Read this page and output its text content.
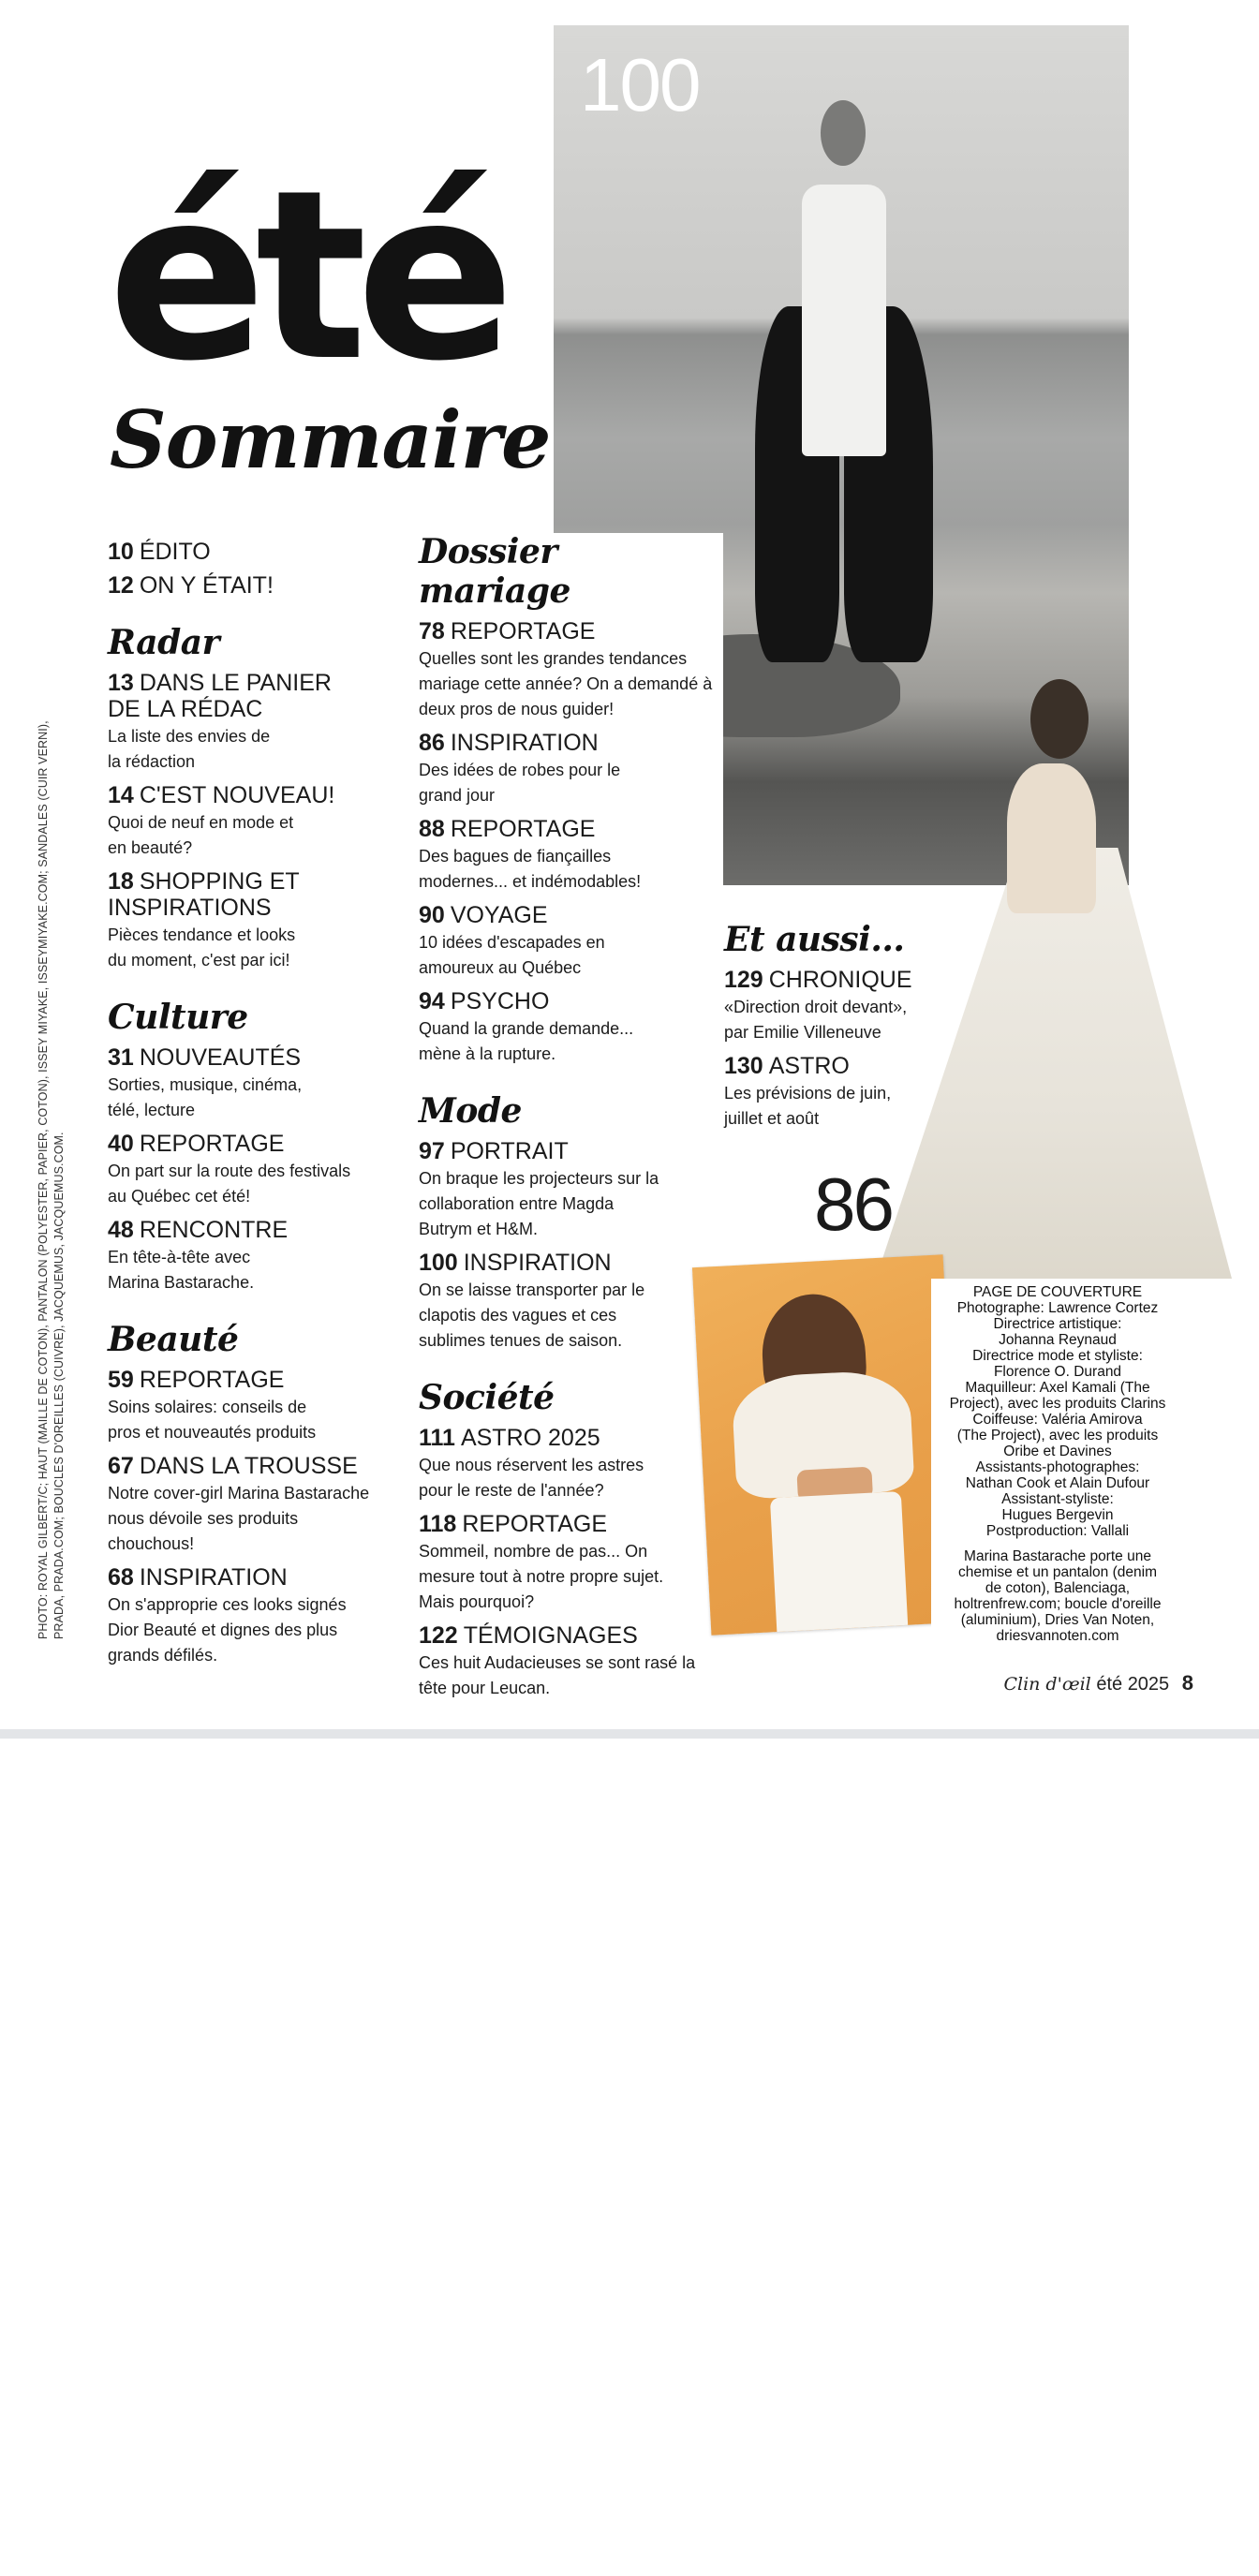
100
86
été
Sommaire
10 ÉDITO
12 ON Y ÉTAIT!
Radar
13 DANS LE PANIER DE LA RÉDAC
La liste des envies de la rédaction
14 C'EST NOUVEAU!
Quoi de neuf en mode et en beauté?
18 SHOPPING ET INSPIRATIONS
Pièces tendance et looks du moment, c'est par ici!
Culture
31 NOUVEAUTÉS
Sorties, musique, cinéma, télé, lecture
40 REPORTAGE
On part sur la route des festivals au Québec cet été!
48 RENCONTRE
En tête-à-tête avec Marina Bastarache.
Beauté
59 REPORTAGE
Soins solaires: conseils de pros et nouveautés produits
67 DANS LA TROUSSE
Notre cover-girl Marina Bastarache nous dévoile ses produits chouchous!
68 INSPIRATION
On s'approprie ces looks signés Dior Beauté et dignes des plus grands défilés.
Dossier mariage
78 REPORTAGE
Quelles sont les grandes tendances mariage cette année? On a demandé à deux pros de nous guider!
86 INSPIRATION
Des idées de robes pour le grand jour
88 REPORTAGE
Des bagues de fiançailles modernes... et indémodables!
90 VOYAGE
10 idées d'escapades en amoureux au Québec
94 PSYCHO
Quand la grande demande... mène à la rupture.
Mode
97 PORTRAIT
On braque les projecteurs sur la collaboration entre Magda Butrym et H&M.
100 INSPIRATION
On se laisse transporter par le clapotis des vagues et ces sublimes tenues de saison.
Société
111 ASTRO 2025
Que nous réservent les astres pour le reste de l'année?
118 REPORTAGE
Sommeil, nombre de pas... On mesure tout à notre propre sujet. Mais pourquoi?
122 TÉMOIGNAGES
Ces huit Audacieuses se sont rasé la tête pour Leucan.
Et aussi...
129 CHRONIQUE
«Direction droit devant», par Emilie Villeneuve
130 ASTRO
Les prévisions de juin, juillet et août

PAGE DE COUVERTURE

Photographe: Lawrence Cortez

Directrice artistique:

Johanna Reynaud

Directrice mode et styliste:

Florence O. Durand

Maquilleur: Axel Kamali (The

Project), avec les produits Clarins

Coiffeuse: Valéria Amirova

(The Project), avec les produits

Oribe et Davines

Assistants-photographes:

Nathan Cook et Alain Dufour

Assistant-styliste:

Hugues Bergevin

Postproduction: Vallali

Marina Bastarache porte une

chemise et un pantalon (denim

de coton), Balenciaga,

holtrenfrew.com; boucle d'oreille

(aluminium), Dries Van Noten,

driesvannoten.com

PHOTO: ROYAL GILBERT/C; HAUT (MAILLE DE COTON), PANTALON (POLYESTER, PAPIER, COTON), ISSEY MIYAKE, ISSEYMIYAKE.COM; SANDALES (CUIR VERNI), PRADA, PRADA.COM; BOUCLES D'OREILLES (CUIVRE), JACQUEMUS, JACQUEMUS.COM.
Clin d'œil été 2025 8
